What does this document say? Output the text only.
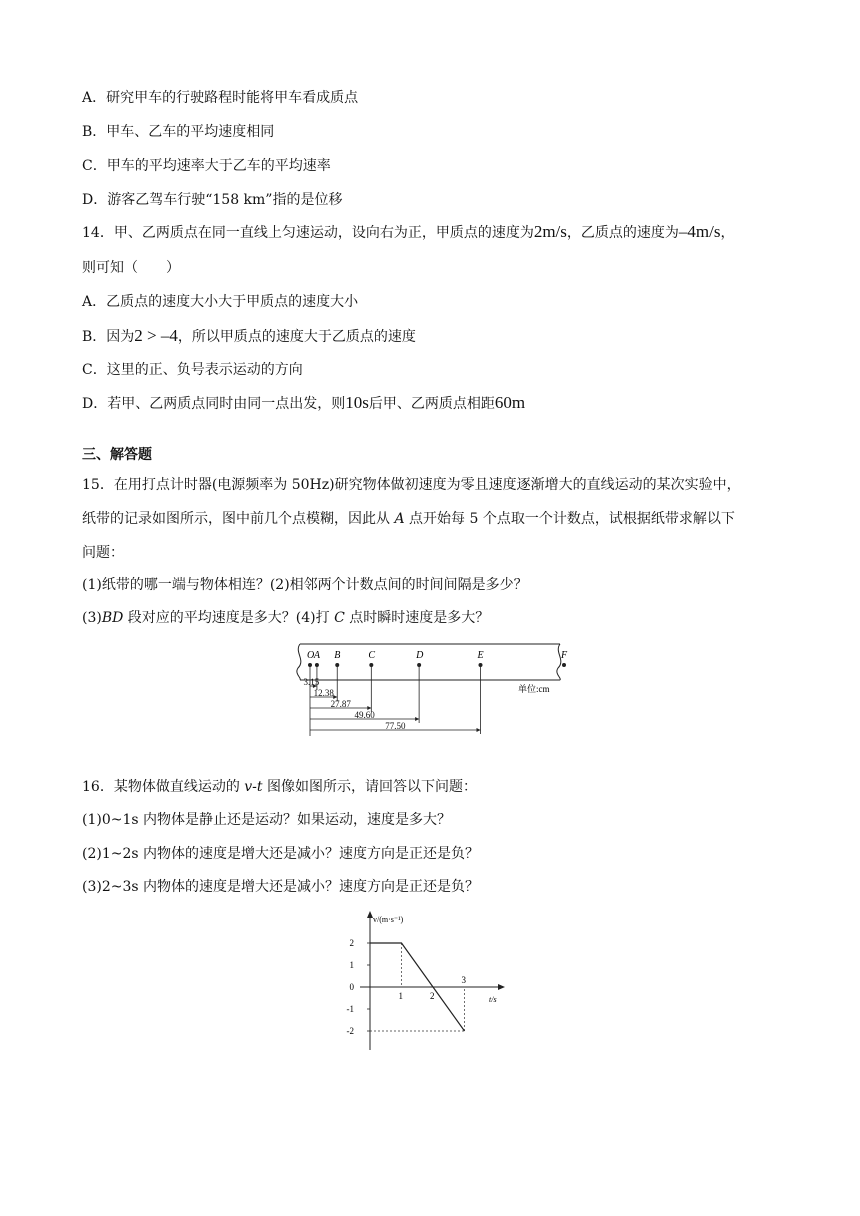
A．研究甲车的行驶路程时能将甲车看成质点
B．甲车、乙车的平均速度相同
C．甲车的平均速率大于乙车的平均速率
D．游客乙驾车行驶“158 km”指的是位移
14．甲、乙两质点在同一直线上匀速运动，设向右为正，甲质点的速度为2m/s，乙质点的速度为–4m/s，
则可知（　　）
A．乙质点的速度大小大于甲质点的速度大小
B．因为2 > –4，所以甲质点的速度大于乙质点的速度
C．这里的正、负号表示运动的方向
D．若甲、乙两质点同时由同一点出发，则10s后甲、乙两质点相距60m
三、解答题
15．在用打点计时器(电源频率为 50Hz)研究物体做初速度为零且速度逐渐增大的直线运动的某次实验中，
纸带的记录如图所示，图中前几个点模糊，因此从 A 点开始每 5 个点取一个计数点，试根据纸带求解以下
问题：
(1)纸带的哪一端与物体相连？(2)相邻两个计数点间的时间间隔是多少？
(3)BD 段对应的平均速度是多大？(4)打 C 点时瞬时速度是多大？
O A B	C	D	E	F
3.15
12.38
27.87
49.60
77.50
单位:cm
16．某物体做直线运动的 v-t 图像如图所示，请回答以下问题：
(1)0~1s 内物体是静止还是运动？如果运动，速度是多大？
(2)1~2s 内物体的速度是增大还是减小？速度方向是正还是负？
(3)2~3s 内物体的速度是增大还是减小？速度方向是正还是负？
v/(m·s⁻¹)
t/s
2
1
0
-1
-2
1	2
3
